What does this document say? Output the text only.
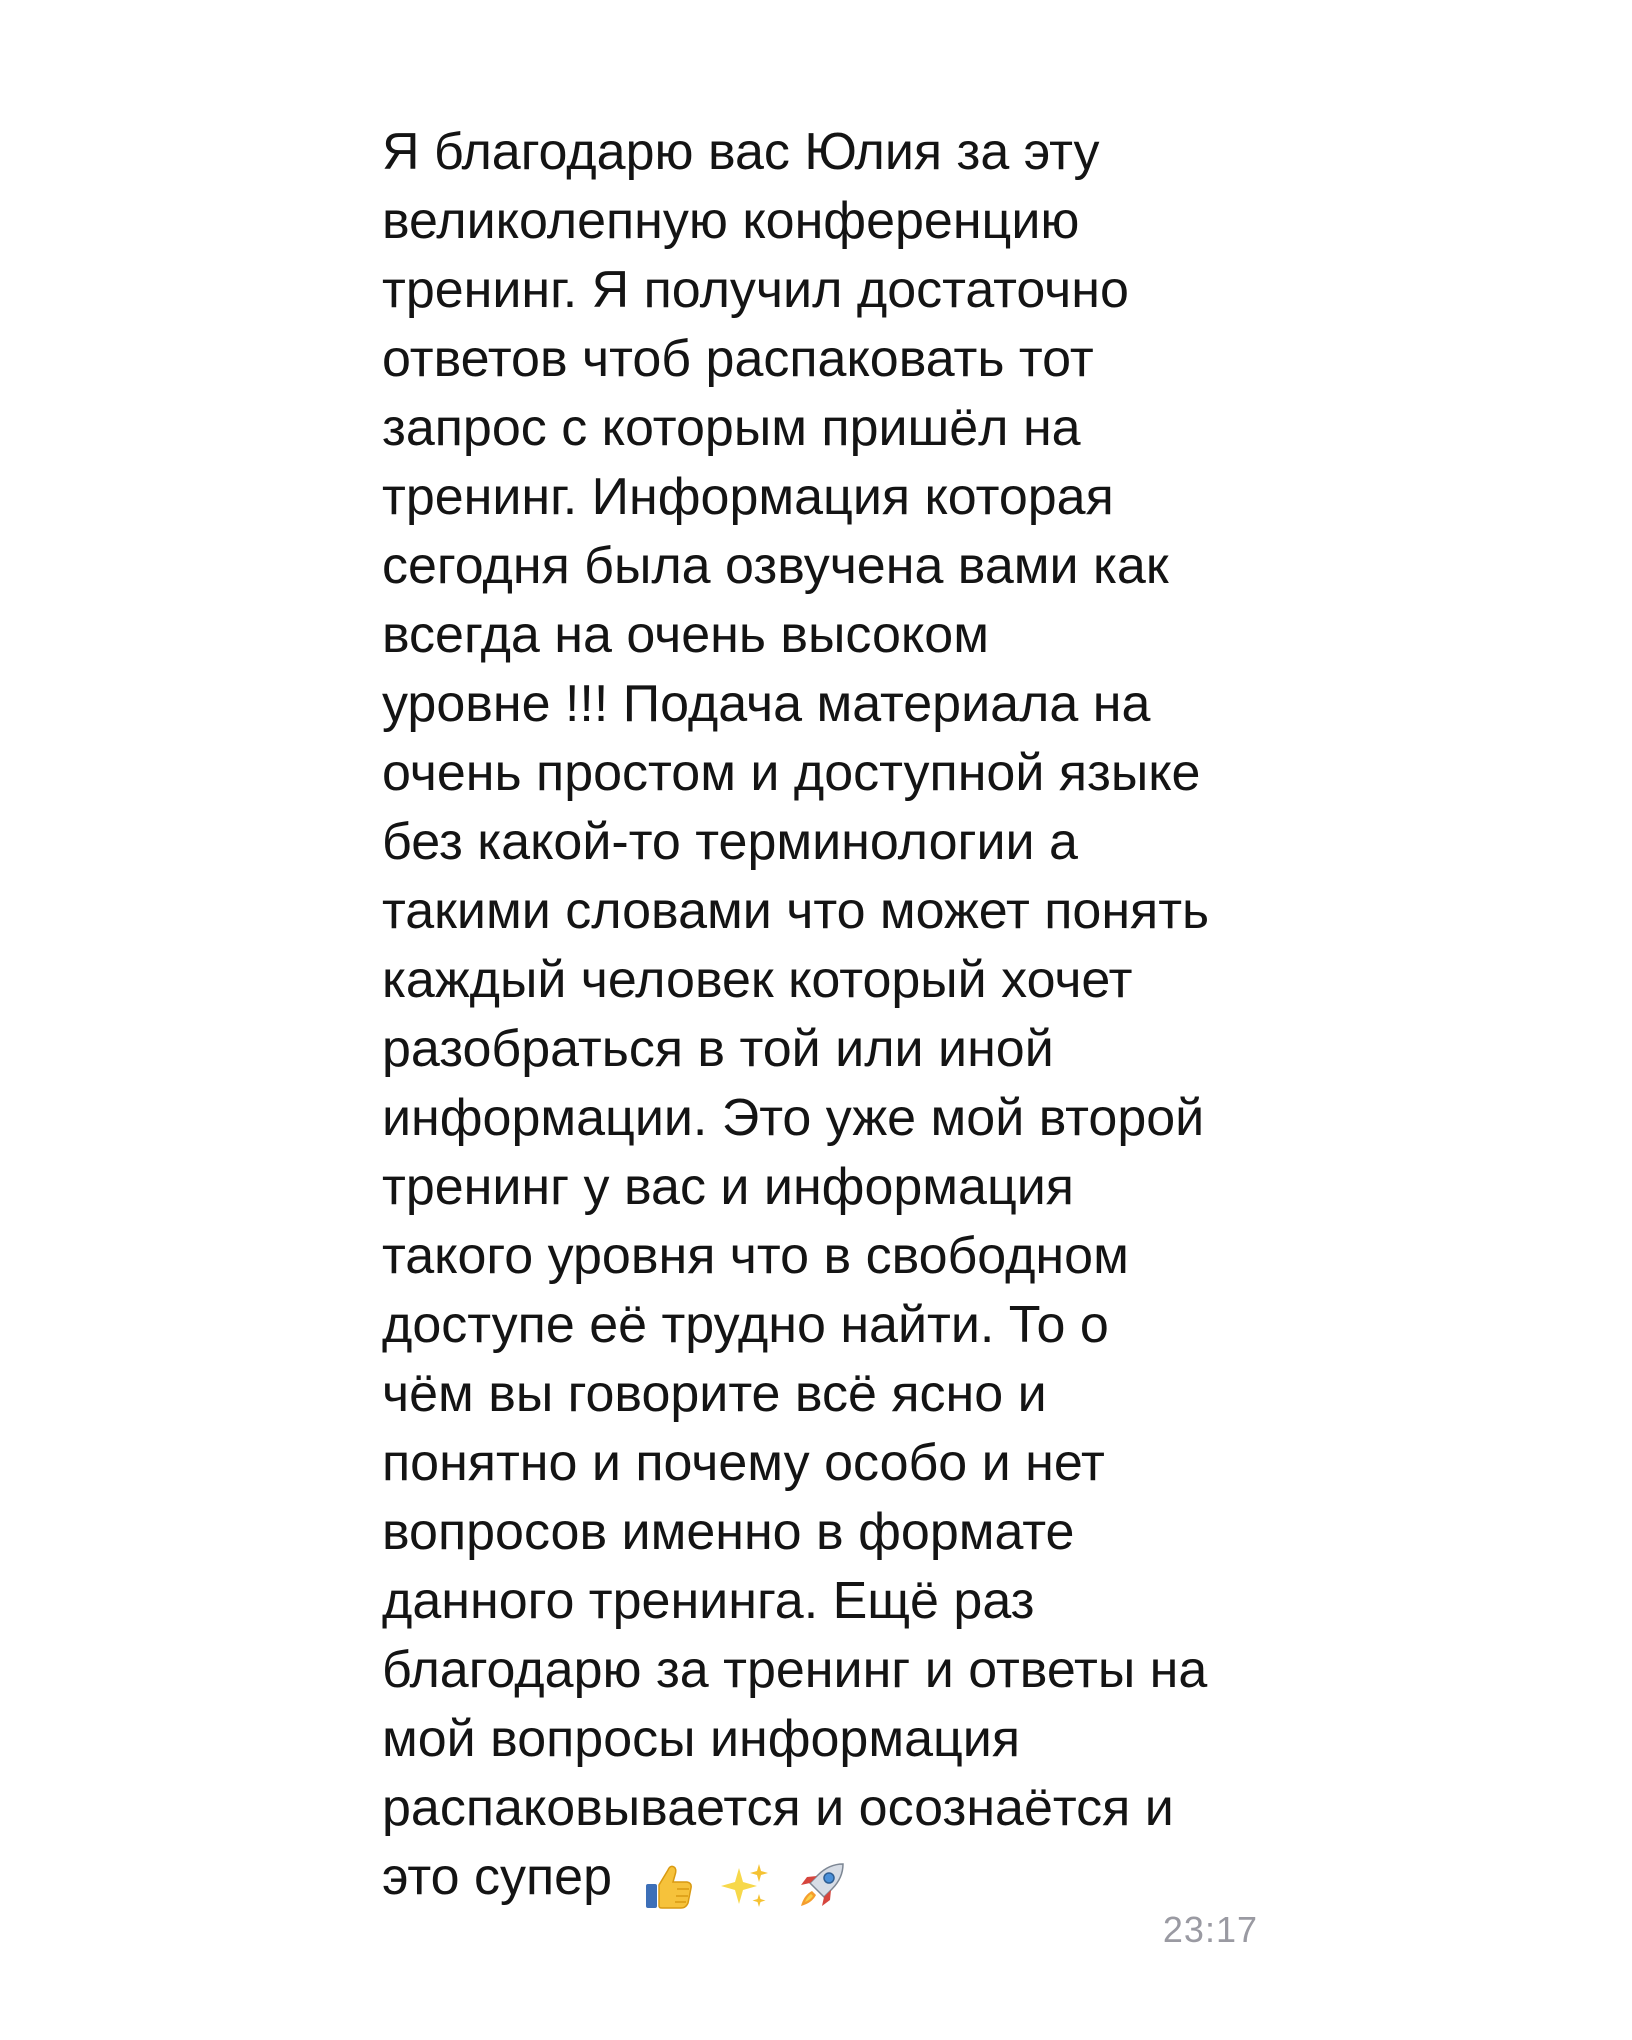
Я благодарю вас Юлия за эту
великолепную конференцию
тренинг. Я получил достаточно
ответов чтоб распаковать тот
запрос с которым пришёл на
тренинг. Информация которая
сегодня была озвучена вами как
всегда на очень высоком
уровне !!! Подача материала на
очень простом и доступной языке
без какой-то терминологии а
такими словами что может понять
каждый человек который хочет
разобраться в той или иной
информации. Это уже мой второй
тренинг у вас и информация
такого уровня что в свободном
доступе её трудно найти. То о
чём вы говорите всё ясно и
понятно и почему особо и нет
вопросов именно в формате
данного тренинга. Ещё раз
благодарю за тренинг и ответы на
мой вопросы информация
распаковывается и осознаётся и
это супер
23:17
